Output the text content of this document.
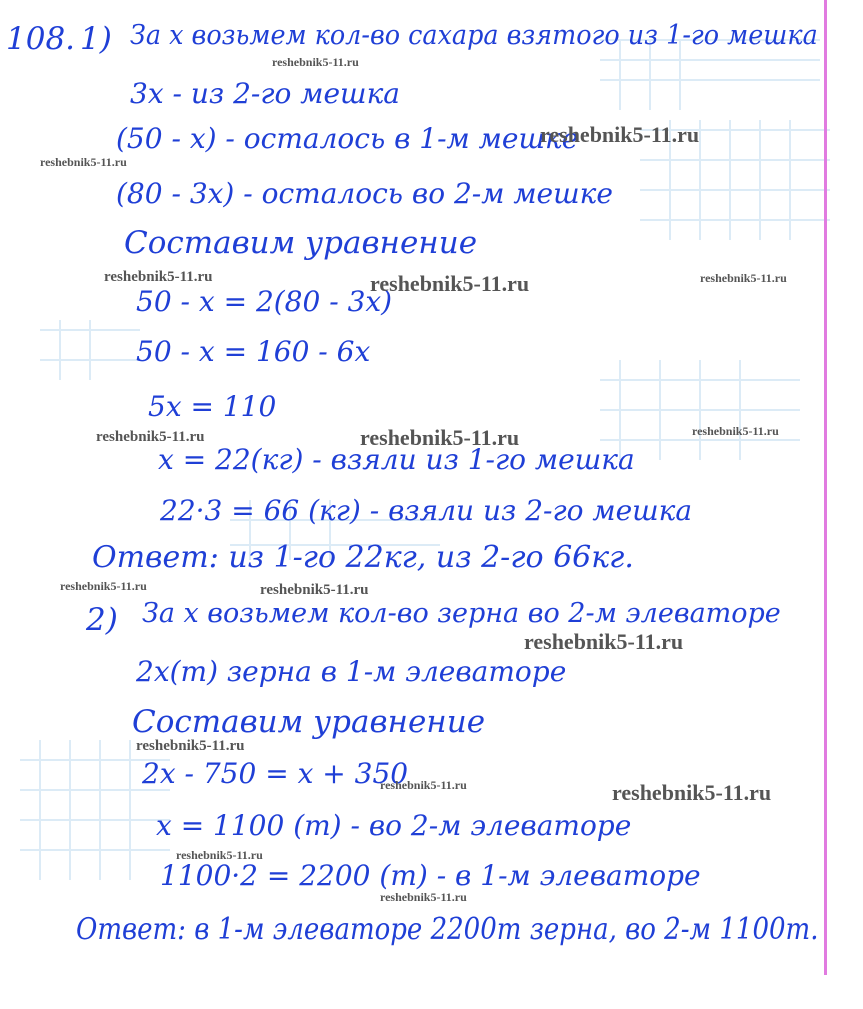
108. 1) За x возьмем кол-во сахара взятого из 1-го мешка
3x - из 2-го мешка
(50 - x) - осталось в 1-м мешке
(80 - 3x) - осталось во 2-м мешке
Составим уравнение
50 - x = 2(80 - 3x)
50 - x = 160 - 6x
5x = 110
x = 22(кг) - взяли из 1-го мешка
22·3 = 66 (кг) - взяли из 2-го мешка
Ответ: из 1-го 22кг, из 2-го 66кг.
2) За x возьмем кол-во зерна во 2-м элеваторе
2x(т) зерна в 1-м элеваторе
Составим уравнение
2x - 750 = x + 350
x = 1100 (т) - во 2-м элеваторе
1100·2 = 2200 (т) - в 1-м элеваторе
Ответ: в 1-м элеваторе 2200т зерна, во 2-м 1100т.
reshebnik5-11.ru
reshebnik5-11.ru
reshebnik5-11.ru
reshebnik5-11.ru	reshebnik5-11.ru	reshebnik5-11.ru
reshebnik5-11.ru	reshebnik5-11.ru	reshebnik5-11.ru
reshebnik5-11.ru	reshebnik5-11.ru
reshebnik5-11.ru
reshebnik5-11.ru
reshebnik5-11.ru	reshebnik5-11.ru
reshebnik5-11.ru
reshebnik5-11.ru
